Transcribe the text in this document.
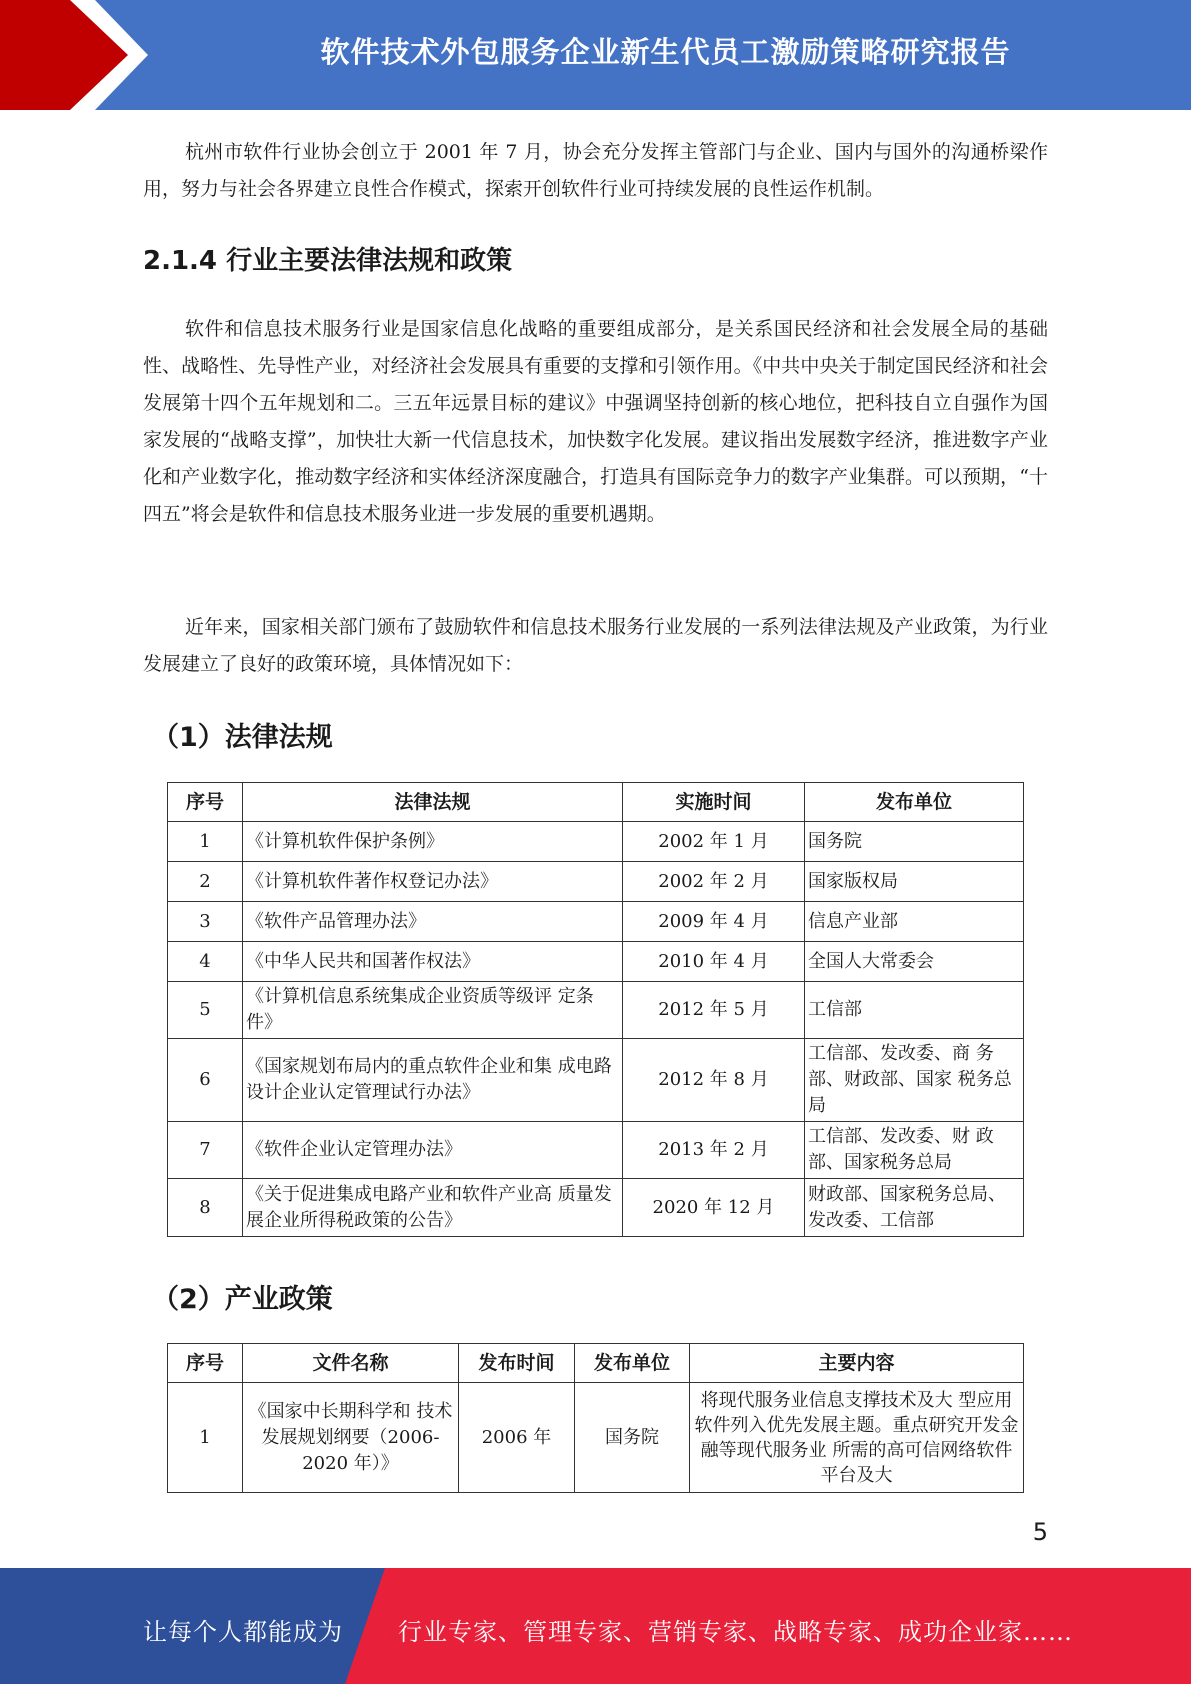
软件技术外包服务企业新生代员工激励策略研究报告

杭州市软件行业协会创立于 2001 年 7 月，协会充分发挥主管部门与企业、国内与国外的沟通桥梁作用，努力与社会各界建立良性合作模式，探索开创软件行业可持续发展的良性运作机制。

2.1.4 行业主要法律法规和政策

软件和信息技术服务行业是国家信息化战略的重要组成部分，是关系国民经济和社会发展全局的基础性、战略性、先导性产业，对经济社会发展具有重要的支撑和引领作用。《中共中央关于制定国民经济和社会发展第十四个五年规划和二。三五年远景目标的建议》中强调坚持创新的核心地位，把科技自立自强作为国家发展的“战略支撑”，加快壮大新一代信息技术，加快数字化发展。建议指出发展数字经济，推进数字产业化和产业数字化，推动数字经济和实体经济深度融合，打造具有国际竞争力的数字产业集群。可以预期，“十四五”将会是软件和信息技术服务业进一步发展的重要机遇期。

近年来，国家相关部门颁布了鼓励软件和信息技术服务行业发展的一系列法律法规及产业政策，为行业发展建立了良好的政策环境，具体情况如下：

（1）法律法规
序号	法律法规	实施时间	发布单位
1	《计算机软件保护条例》	2002 年 1 月	国务院
2	《计算机软件著作权登记办法》	2002 年 2 月	国家版权局
3	《软件产品管理办法》	2009 年 4 月	信息产业部
4	《中华人民共和国著作权法》	2010 年 4 月	全国人大常委会
5	《计算机信息系统集成企业资质等级评 定条件》	2012 年 5 月	工信部
6	《国家规划布局内的重点软件企业和集 成电路设计企业认定管理试行办法》	2012 年 8 月	工信部、发改委、商 务部、财政部、国家 税务总局
7	《软件企业认定管理办法》	2013 年 2 月	工信部、发改委、财 政部、国家税务总局
8	《关于促进集成电路产业和软件产业高 质量发展企业所得税政策的公告》	2020 年 12 月	财政部、国家税务总局、发改委、工信部
（2）产业政策
序号	文件名称	发布时间	发布单位	主要内容
1	《国家中长期科学和 技术发展规划纲要（2006-2020 年）》	2006 年	国务院	将现代服务业信息支撑技术及大 型应用软件列入优先发展主题。重点研究开发金融等现代服务业 所需的高可信网络软件平台及大
5
让每个人都能成为 行业专家、管理专家、营销专家、战略专家、成功企业家……
